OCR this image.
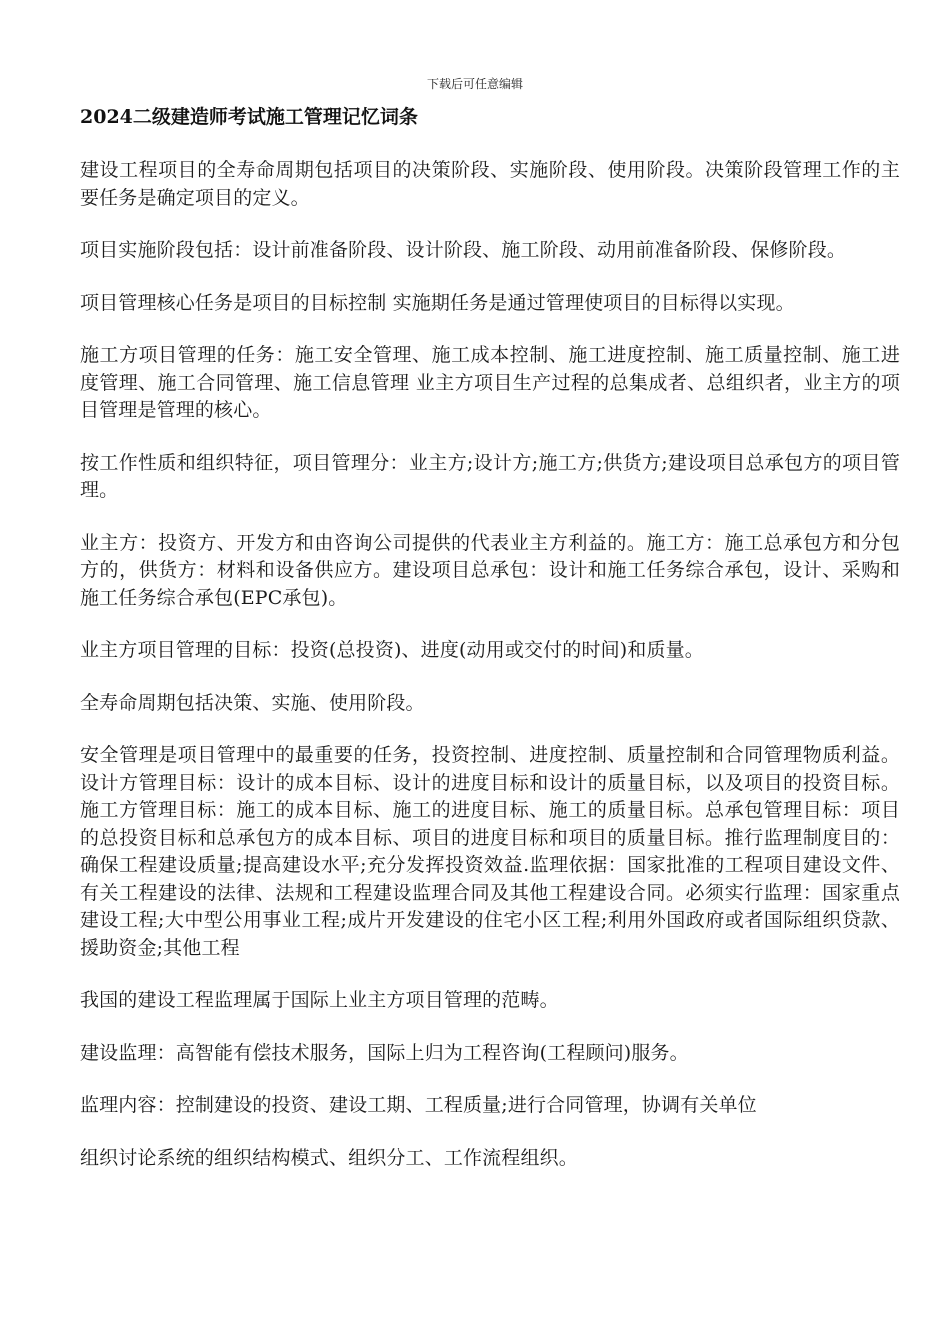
下载后可任意编辑
2024二级建造师考试施工管理记忆词条

建设工程项目的全寿命周期包括项目的决策阶段、实施阶段、使用阶段。决策阶段管理工作的主要任务是确定项目的定义。

项目实施阶段包括：设计前准备阶段、设计阶段、施工阶段、动用前准备阶段、保修阶段。

项目管理核心任务是项目的目标控制 实施期任务是通过管理使项目的目标得以实现。

施工方项目管理的任务：施工安全管理、施工成本控制、施工进度控制、施工质量控制、施工进度管理、施工合同管理、施工信息管理 业主方项目生产过程的总集成者、总组织者，业主方的项目管理是管理的核心。

按工作性质和组织特征，项目管理分：业主方;设计方;施工方;供货方;建设项目总承包方的项目管理。

业主方：投资方、开发方和由咨询公司提供的代表业主方利益的。施工方：施工总承包方和分包方的，供货方：材料和设备供应方。建设项目总承包：设计和施工任务综合承包，设计、采购和施工任务综合承包(EPC承包)。

业主方项目管理的目标：投资(总投资)、进度(动用或交付的时间)和质量。

全寿命周期包括决策、实施、使用阶段。

安全管理是项目管理中的最重要的任务，投资控制、进度控制、质量控制和合同管理物质利益。设计方管理目标：设计的成本目标、设计的进度目标和设计的质量目标，以及项目的投资目标。施工方管理目标：施工的成本目标、施工的进度目标、施工的质量目标。总承包管理目标：项目的总投资目标和总承包方的成本目标、项目的进度目标和项目的质量目标。推行监理制度目的：确保工程建设质量;提高建设水平;充分发挥投资效益.监理依据：国家批准的工程项目建设文件、有关工程建设的法律、法规和工程建设监理合同及其他工程建设合同。必须实行监理：国家重点建设工程;大中型公用事业工程;成片开发建设的住宅小区工程;利用外国政府或者国际组织贷款、援助资金;其他工程

我国的建设工程监理属于国际上业主方项目管理的范畴。

建设监理：高智能有偿技术服务，国际上归为工程咨询(工程顾问)服务。

监理内容：控制建设的投资、建设工期、工程质量;进行合同管理，协调有关单位

组织讨论系统的组织结构模式、组织分工、工作流程组织。
